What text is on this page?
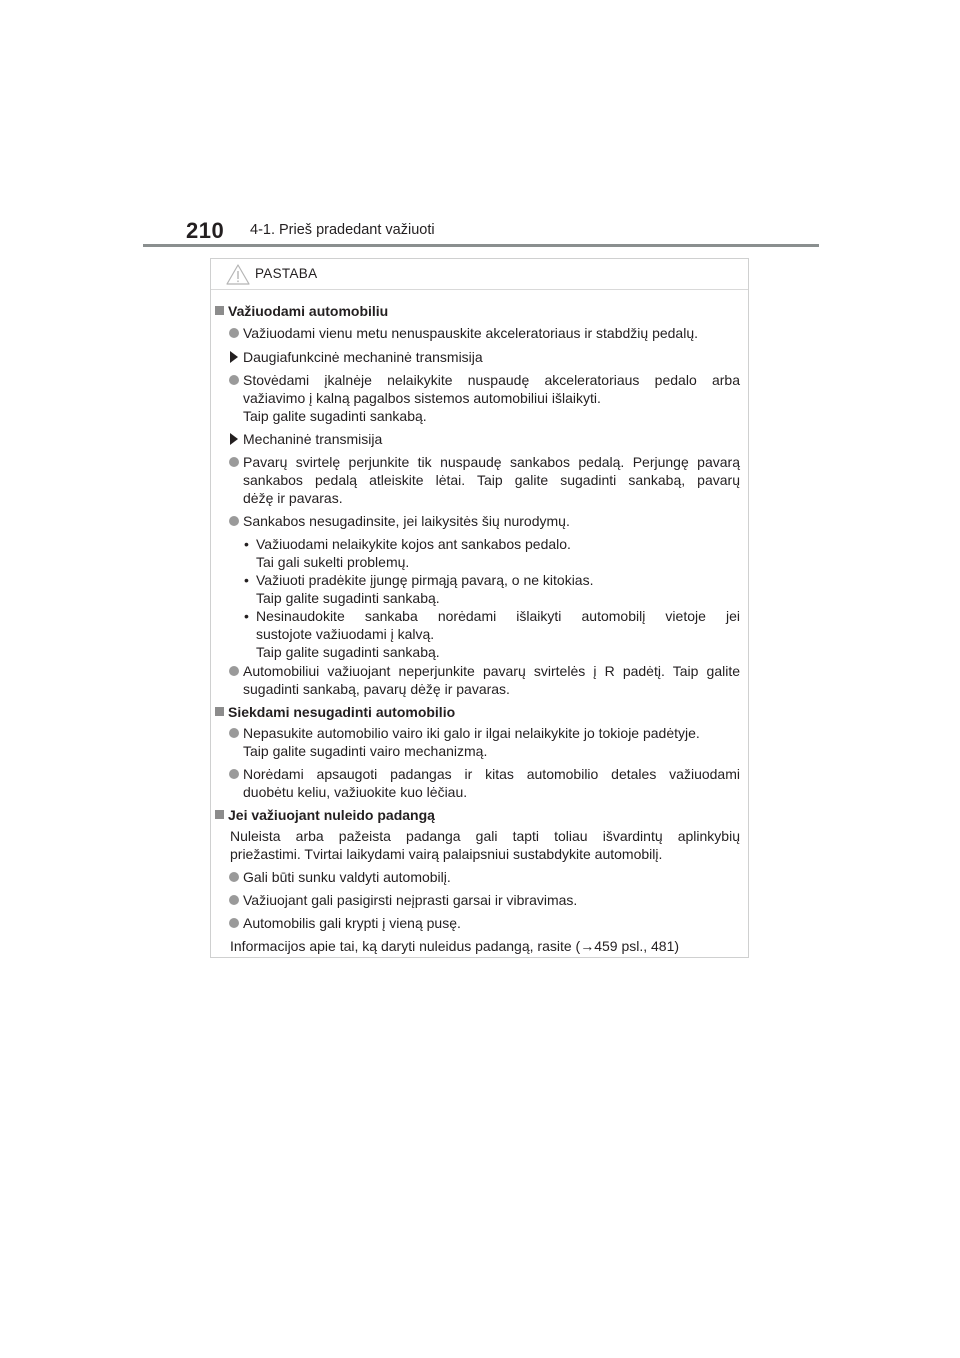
210 4-1. Prieš pradedant važiuoti
PASTABA
Važiuodami automobiliu
Važiuodami vienu metu nenuspauskite akceleratoriaus ir stabdžių pedalų.
Daugiafunkcinė mechaninė transmisija
Stovėdami įkalnėje nelaikykite nuspaudę akceleratoriaus pedalo arba
važiavimo į kalną pagalbos sistemos automobiliui išlaikyti.
Taip galite sugadinti sankabą.
Mechaninė transmisija
Pavarų svirtelę perjunkite tik nuspaudę sankabos pedalą. Perjungę pavarą
sankabos pedalą atleiskite lėtai. Taip galite sugadinti sankabą, pavarų
dėžę ir pavaras.
Sankabos nesugadinsite, jei laikysitės šių nurodymų.
• Važiuodami nelaikykite kojos ant sankabos pedalo.
Tai gali sukelti problemų.
• Važiuoti pradėkite įjungę pirmąją pavarą, o ne kitokias.
Taip galite sugadinti sankabą.
• Nesinaudokite sankaba norėdami išlaikyti automobilį vietoje jei
sustojote važiuodami į kalvą.
Taip galite sugadinti sankabą.
Automobiliui važiuojant neperjunkite pavarų svirtelės į R padėtį. Taip galite
sugadinti sankabą, pavarų dėžę ir pavaras.
Siekdami nesugadinti automobilio
Nepasukite automobilio vairo iki galo ir ilgai nelaikykite jo tokioje padėtyje.
Taip galite sugadinti vairo mechanizmą.
Norėdami apsaugoti padangas ir kitas automobilio detales važiuodami
duobėtu keliu, važiuokite kuo lėčiau.
Jei važiuojant nuleido padangą
Nuleista arba pažeista padanga gali tapti toliau išvardintų aplinkybių
priežastimi. Tvirtai laikydami vairą palaipsniui sustabdykite automobilį.
Gali būti sunku valdyti automobilį.
Važiuojant gali pasigirsti neįprasti garsai ir vibravimas.
Automobilis gali krypti į vieną pusę.
Informacijos apie tai, ką daryti nuleidus padangą, rasite (→459 psl., 481)
